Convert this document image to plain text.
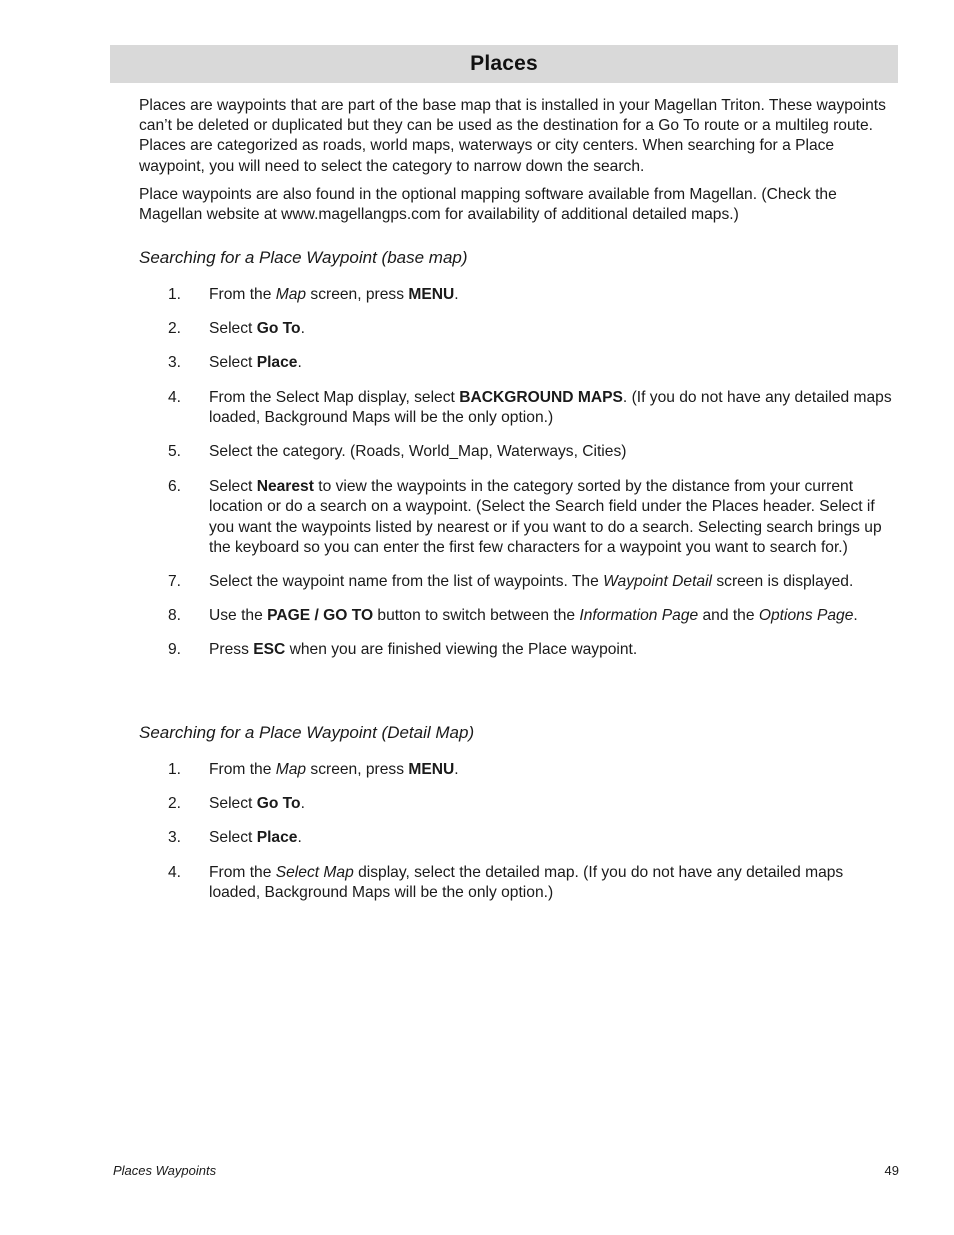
Places

Places are waypoints that are part of the base map that is installed in your Magellan Triton. These waypoints can’t be deleted or duplicated but they can be used as the destination for a Go To route or a multileg route. Places are categorized as roads, world maps, waterways or city centers. When searching for a Place waypoint, you will need to select the category to narrow down the search.

Place waypoints are also found in the optional mapping software available from Magellan. (Check the Magellan website at www.magellangps.com for availability of additional detailed maps.)

Searching for a Place Waypoint (base map)
1. From the Map screen, press MENU.
2. Select Go To.
3. Select Place.
4. From the Select Map display, select BACKGROUND MAPS. (If you do not have any detailed maps loaded, Background Maps will be the only option.)
5. Select the category. (Roads, World_Map, Waterways, Cities)
6. Select Nearest to view the waypoints in the category sorted by the distance from your current location or do a search on a waypoint. (Select the Search field under the Places header. Select if you want the waypoints listed by nearest or if you want to do a search. Selecting search brings up the keyboard so you can enter the first few characters for a waypoint you want to search for.)
7. Select the waypoint name from the list of waypoints. The Waypoint Detail screen is displayed.
8. Use the PAGE / GO TO button to switch between the Information Page and the Options Page.
9. Press ESC when you are finished viewing the Place waypoint.
Searching for a Place Waypoint (Detail Map)
1. From the Map screen, press MENU.
2. Select Go To.
3. Select Place.
4. From the Select Map display, select the detailed map. (If you do not have any detailed maps loaded, Background Maps will be the only option.)
Places Waypoints	49
